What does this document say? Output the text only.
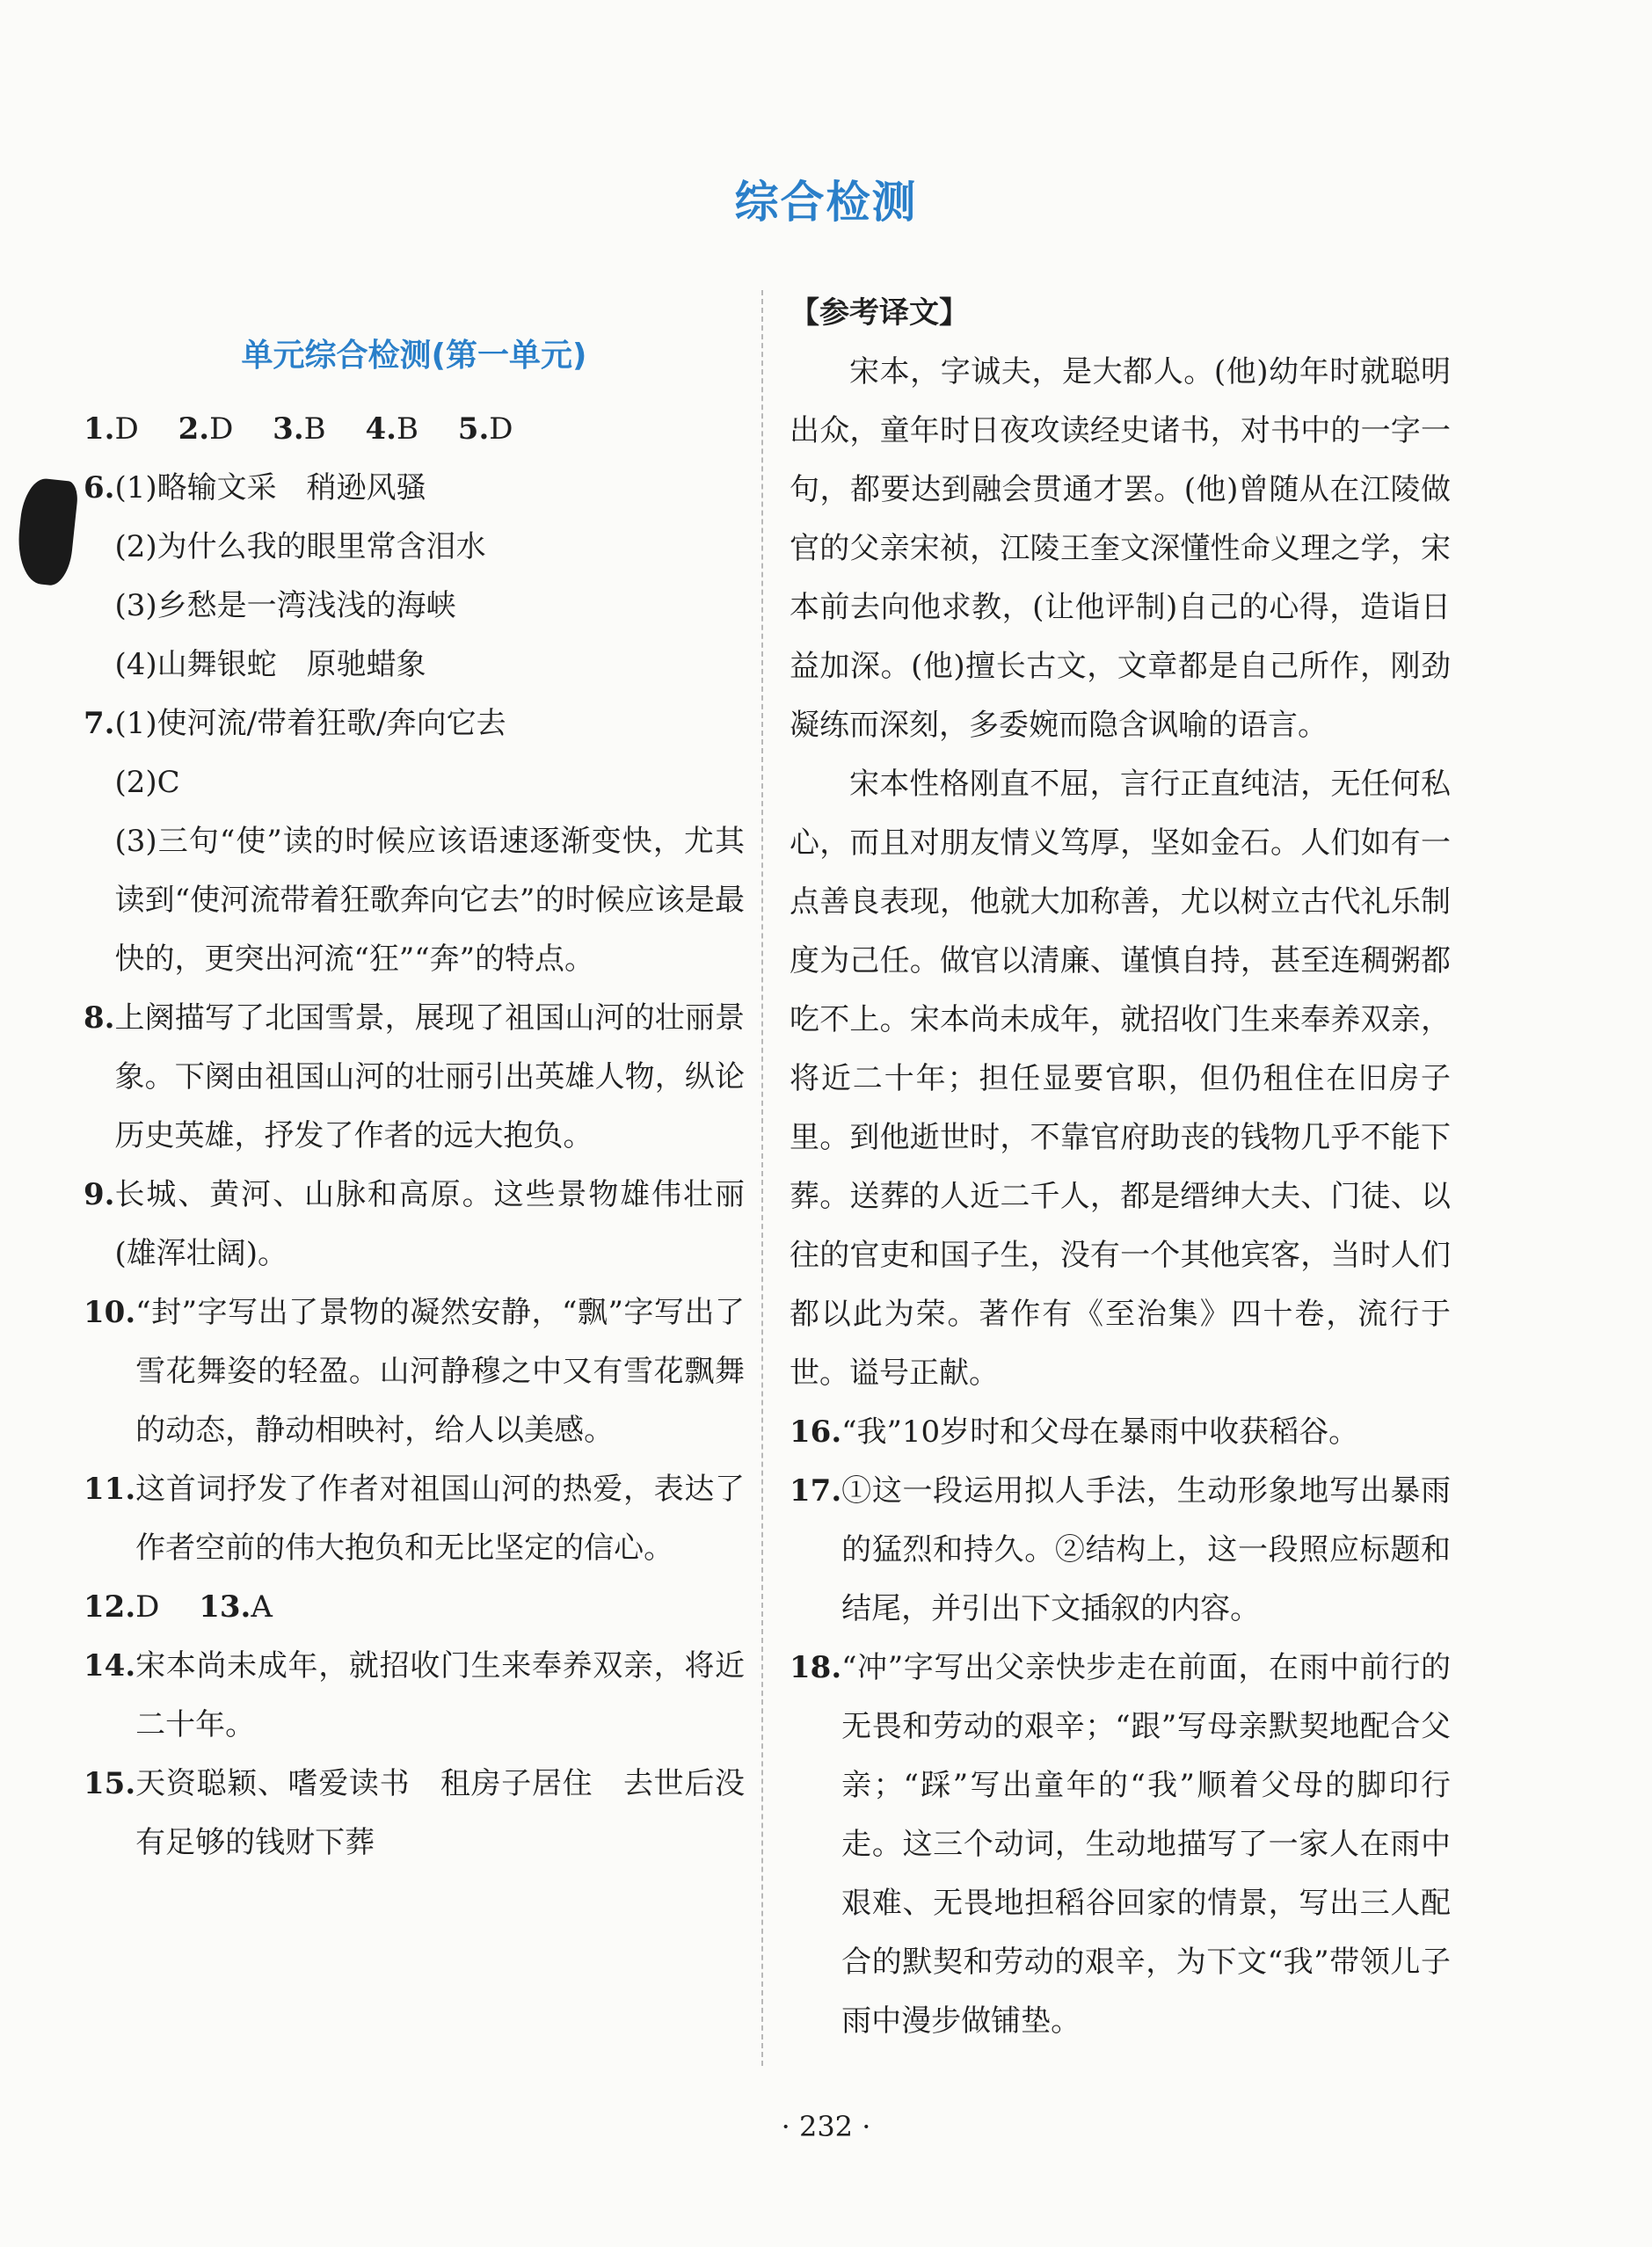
综合检测
单元综合检测(第一单元)
1.D  2.D  3.B  4.B  5.D
6. (1)略输文采　稍逊风骚
(2)为什么我的眼里常含泪水
(3)乡愁是一湾浅浅的海峡
(4)山舞银蛇　原驰蜡象
7. (1)使河流/带着狂歌/奔向它去
(2)C
(3)三句“使”读的时候应该语速逐渐变快，尤其读到“使河流带着狂歌奔向它去”的时候应该是最快的，更突出河流“狂”“奔”的特点。
8. 上阕描写了北国雪景，展现了祖国山河的壮丽景象。下阕由祖国山河的壮丽引出英雄人物，纵论历史英雄，抒发了作者的远大抱负。
9. 长城、黄河、山脉和高原。这些景物雄伟壮丽(雄浑壮阔)。
10. “封”字写出了景物的凝然安静，“飘”字写出了雪花舞姿的轻盈。山河静穆之中又有雪花飘舞的动态，静动相映衬，给人以美感。
11. 这首词抒发了作者对祖国山河的热爱，表达了作者空前的伟大抱负和无比坚定的信心。
12.D  13.A
14. 宋本尚未成年，就招收门生来奉养双亲，将近二十年。
15. 天资聪颖、嗜爱读书　租房子居住　去世后没有足够的钱财下葬
【参考译文】

宋本，字诚夫，是大都人。(他)幼年时就聪明出众，童年时日夜攻读经史诸书，对书中的一字一句，都要达到融会贯通才罢。(他)曾随从在江陵做官的父亲宋祯，江陵王奎文深懂性命义理之学，宋本前去向他求教，(让他评制)自己的心得，造诣日益加深。(他)擅长古文，文章都是自己所作，刚劲凝练而深刻，多委婉而隐含讽喻的语言。

宋本性格刚直不屈，言行正直纯洁，无任何私心，而且对朋友情义笃厚，坚如金石。人们如有一点善良表现，他就大加称善，尤以树立古代礼乐制度为己任。做官以清廉、谨慎自持，甚至连稠粥都吃不上。宋本尚未成年，就招收门生来奉养双亲，将近二十年；担任显要官职，但仍租住在旧房子里。到他逝世时，不靠官府助丧的钱物几乎不能下葬。送葬的人近二千人，都是缙绅大夫、门徒、以往的官吏和国子生，没有一个其他宾客，当时人们都以此为荣。著作有《至治集》四十卷，流行于世。谥号正献。

16. “我”10岁时和父母在暴雨中收获稻谷。
17. ①这一段运用拟人手法，生动形象地写出暴雨的猛烈和持久。②结构上，这一段照应标题和结尾，并引出下文插叙的内容。
18. “冲”字写出父亲快步走在前面，在雨中前行的无畏和劳动的艰辛；“跟”写母亲默契地配合父亲；“踩”写出童年的“我”顺着父母的脚印行走。这三个动词，生动地描写了一家人在雨中艰难、无畏地担稻谷回家的情景，写出三人配合的默契和劳动的艰辛，为下文“我”带领儿子雨中漫步做铺垫。
· 232 ·
